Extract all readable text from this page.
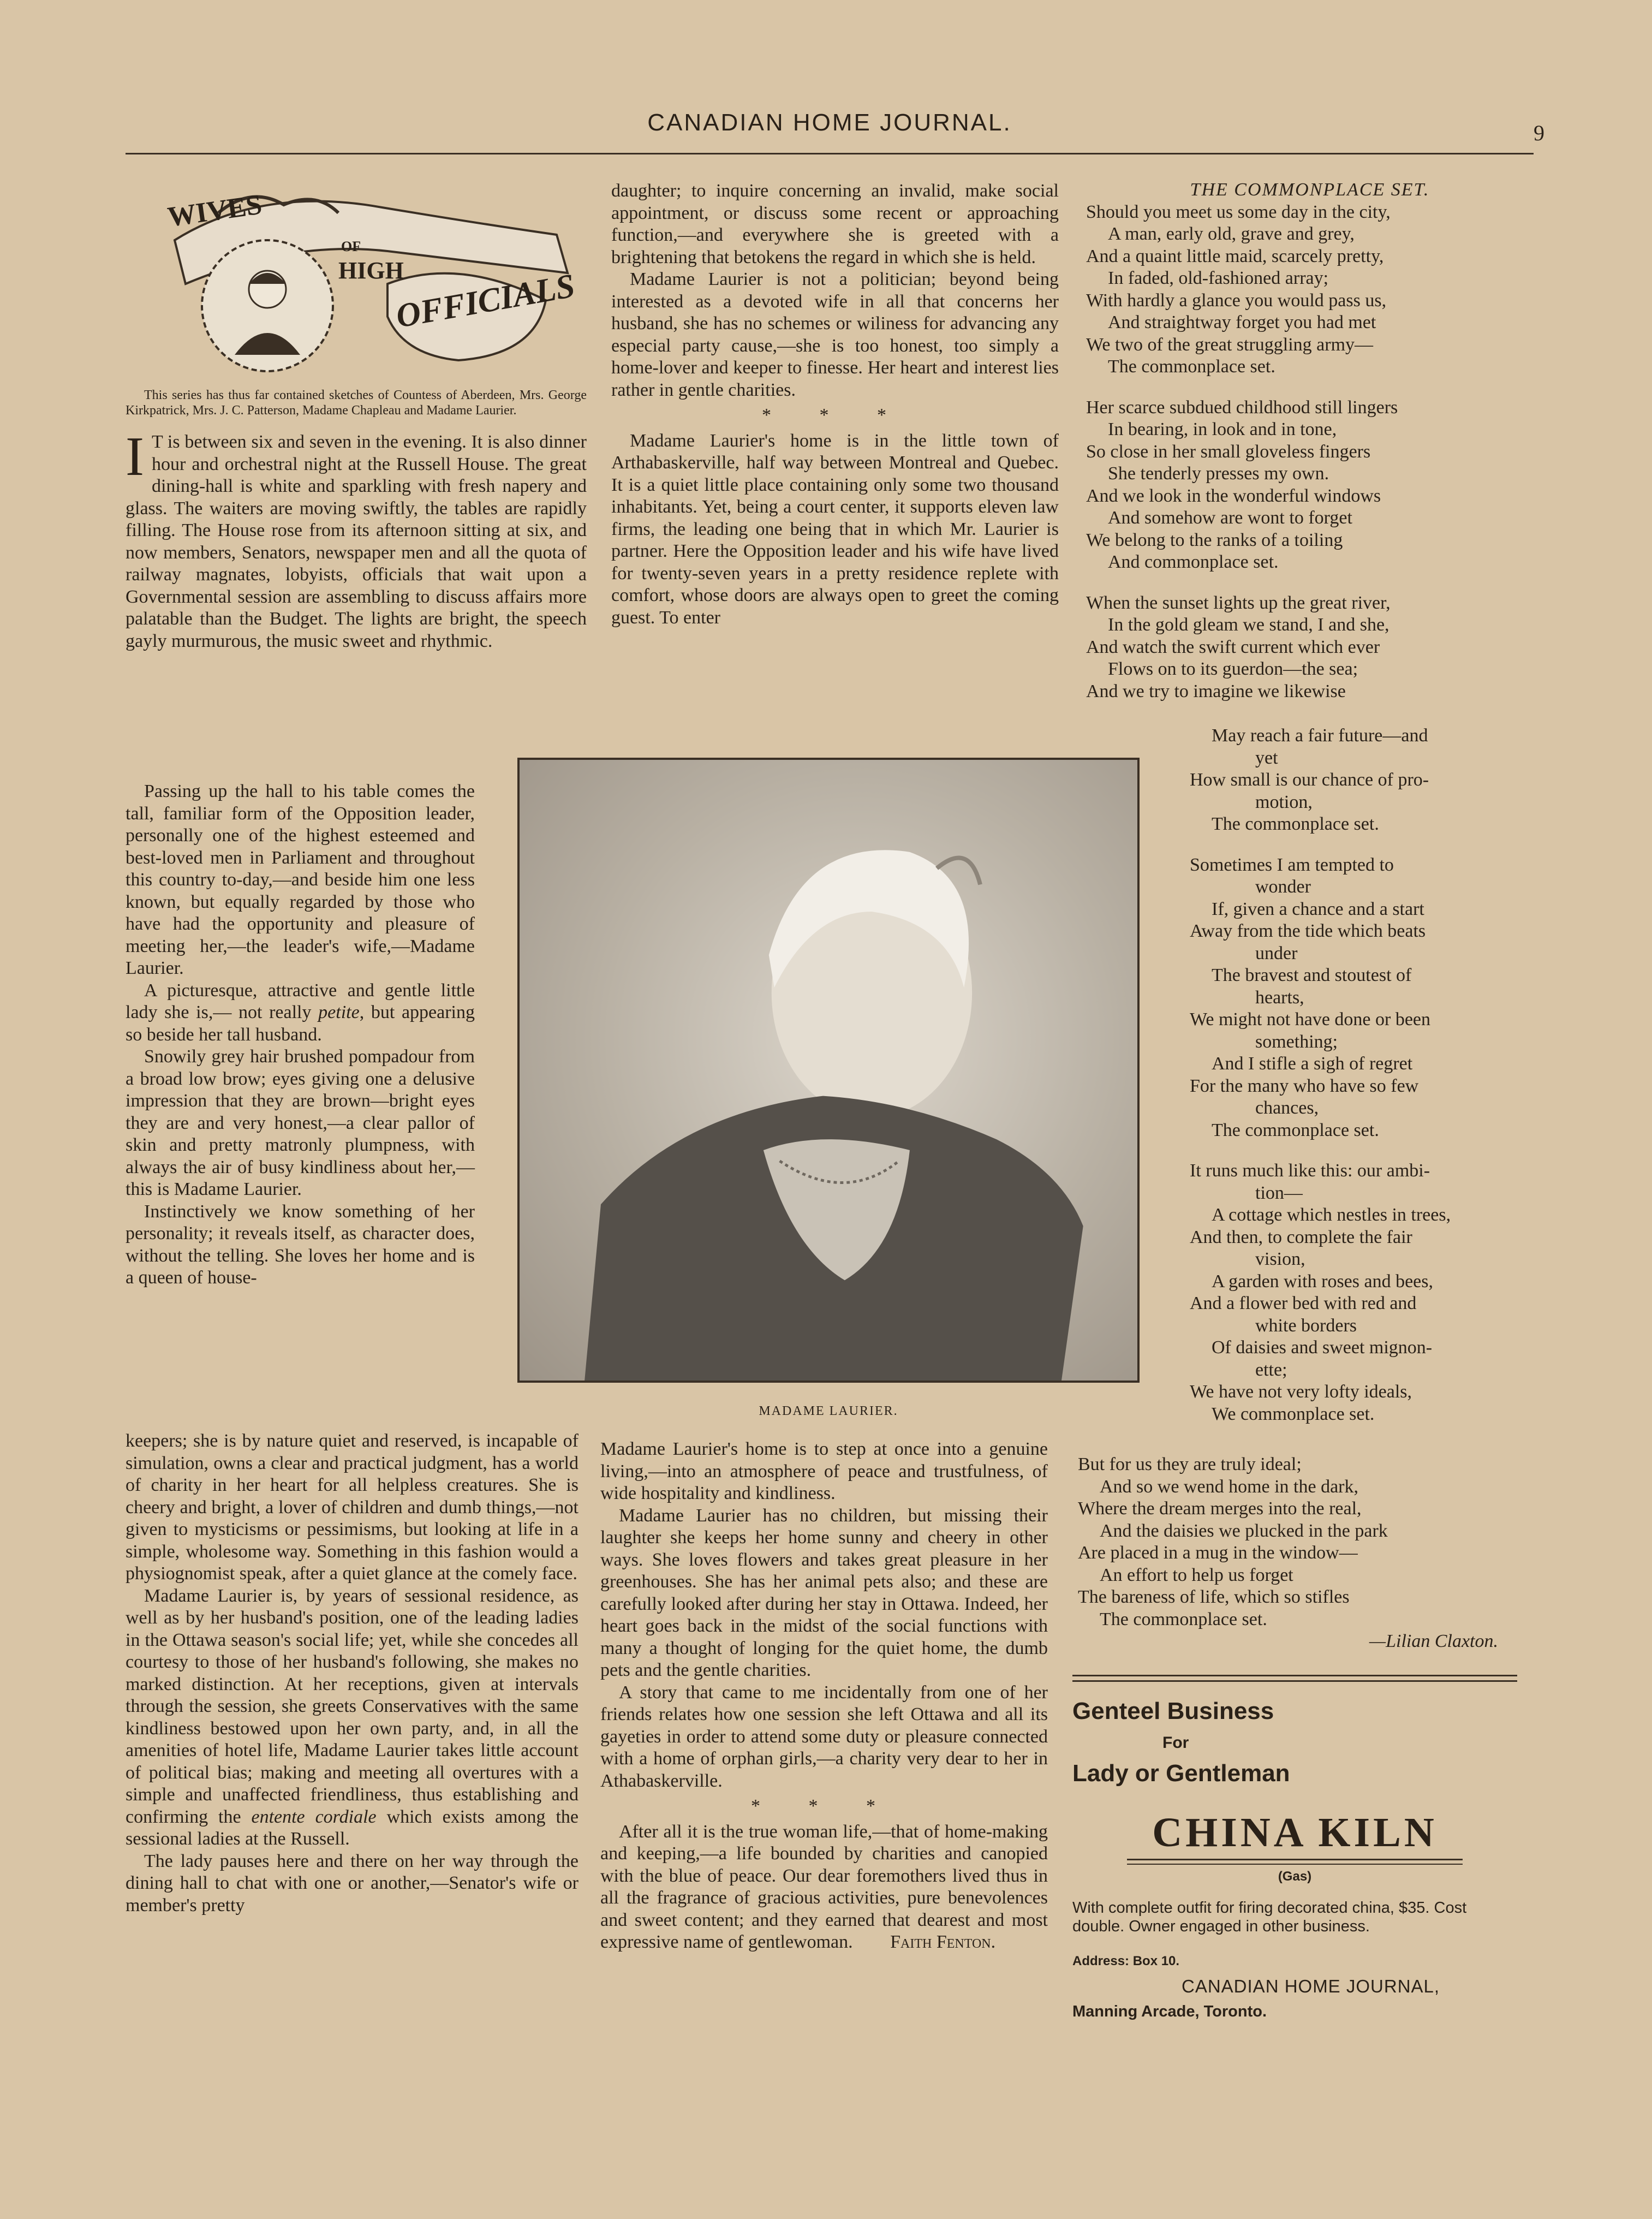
CANADIAN HOME JOURNAL.	9
WIVES
OF
HIGH
OFFICIALS

This series has thus far contained sketches of Countess of Aberdeen, Mrs. George Kirkpatrick, Mrs. J. C. Patterson, Madame Chapleau and Madame Laurier.

I T is between six and seven in the evening. It is also dinner hour and orchestral night at the Russell House. The great dining-hall is white and sparkling with fresh napery and glass. The waiters are moving swiftly, the tables are rapidly filling. The House rose from its afternoon sitting at six, and now members, Senators, newspaper men and all the quota of railway magnates, lobyists, officials that wait upon a Governmental session are assembling to discuss affairs more palatable than the Budget. The lights are bright, the speech gayly murmurous, the music sweet and rhythmic.

Passing up the hall to his table comes the tall, familiar form of the Opposition leader, personally one of the highest esteemed and best-loved men in Parliament and throughout this country to-day,—and beside him one less known, but equally regarded by those who have had the opportunity and pleasure of meeting her,—the leader's wife,—Madame Laurier.

A picturesque, attractive and gentle little lady she is,— not really petite, but appearing so beside her tall husband.

Snowily grey hair brushed pompadour from a broad low brow; eyes giving one a delusive impression that they are brown—bright eyes they are and very honest,—a clear pallor of skin and pretty matronly plumpness, with always the air of busy kindliness about her,—this is Madame Laurier.

Instinctively we know something of her personality; it reveals itself, as character does, without the telling. She loves her home and is a queen of house-

keepers; she is by nature quiet and reserved, is incapable of simulation, owns a clear and practical judgment, has a world of charity in her heart for all helpless creatures. She is cheery and bright, a lover of children and dumb things,—not given to mysticisms or pessimisms, but looking at life in a simple, wholesome way. Something in this fashion would a physiognomist speak, after a quiet glance at the comely face.

Madame Laurier is, by years of sessional residence, as well as by her husband's position, one of the leading ladies in the Ottawa season's social life; yet, while she concedes all courtesy to those of her husband's following, she makes no marked distinction. At her receptions, given at intervals through the session, she greets Conservatives with the same kindliness bestowed upon her own party, and, in all the amenities of hotel life, Madame Laurier takes little account of political bias; making and meeting all overtures with a simple and unaffected friendliness, thus establishing and confirming the entente cordiale which exists among the sessional ladies at the Russell.

The lady pauses here and there on her way through the dining hall to chat with one or another,—Senator's wife or member's pretty

daughter; to inquire concerning an invalid, make social appointment, or discuss some recent or approaching function,—and everywhere she is greeted with a brightening that betokens the regard in which she is held.

Madame Laurier is not a politician; beyond being interested as a devoted wife in all that concerns her husband, she has no schemes or wiliness for advancing any especial party cause,—she is too honest, too simply a home-lover and keeper to finesse. Her heart and interest lies rather in gentle charities.

* * *

Madame Laurier's home is in the little town of Arthabaskerville, half way between Montreal and Quebec. It is a quiet little place containing only some two thousand inhabitants. Yet, being a court center, it supports eleven law firms, the leading one being that in which Mr. Laurier is partner. Here the Opposition leader and his wife have lived for twenty-seven years in a pretty residence replete with comfort, whose doors are always open to greet the coming guest. To enter

MADAME LAURIER.

Madame Laurier's home is to step at once into a genuine living,—into an atmosphere of peace and trustfulness, of wide hospitality and kindliness.

Madame Laurier has no children, but missing their laughter she keeps her home sunny and cheery in other ways. She loves flowers and takes great pleasure in her greenhouses. She has her animal pets also; and these are carefully looked after during her stay in Ottawa. Indeed, her heart goes back in the midst of the social functions with many a thought of longing for the quiet home, the dumb pets and the gentle charities.

A story that came to me incidentally from one of her friends relates how one session she left Ottawa and all its gayeties in order to attend some duty or pleasure connected with a home of orphan girls,—a charity very dear to her in Athabaskerville.

* * *

After all it is the true woman life,—that of home-making and keeping,—a life bounded by charities and canopied with the blue of peace. Our dear foremothers lived thus in all the fragrance of gracious activities, pure benevolences and sweet content; and they earned that dearest and most expressive name of gentlewoman. Faith Fenton.

THE COMMONPLACE SET.
Should you meet us some day in the city,
A man, early old, grave and grey,
And a quaint little maid, scarcely pretty,
In faded, old-fashioned array;
With hardly a glance you would pass us,
And straightway forget you had met
We two of the great struggling army—
The commonplace set.
Her scarce subdued childhood still lingers
In bearing, in look and in tone,
So close in her small gloveless fingers
She tenderly presses my own.
And we look in the wonderful windows
And somehow are wont to forget
We belong to the ranks of a toiling
And commonplace set.
When the sunset lights up the great river,
In the gold gleam we stand, I and she,
And watch the swift current which ever
Flows on to its guerdon—the sea;
And we try to imagine we likewise
May reach a fair future—and
yet
How small is our chance of pro-
motion,
The commonplace set.
Sometimes I am tempted to
wonder
If, given a chance and a start
Away from the tide which beats
under
The bravest and stoutest of
hearts,
We might not have done or been
something;
And I stifle a sigh of regret
For the many who have so few
chances,
The commonplace set.
It runs much like this: our ambi-
tion—
A cottage which nestles in trees,
And then, to complete the fair
vision,
A garden with roses and bees,
And a flower bed with red and
white borders
Of daisies and sweet mignon-
ette;
We have not very lofty ideals,
We commonplace set.
But for us they are truly ideal;
And so we wend home in the dark,
Where the dream merges into the real,
And the daisies we plucked in the park
Are placed in a mug in the window—
An effort to help us forget
The bareness of life, which so stifles
The commonplace set.
—Lilian Claxton.
Genteel Business
For
Lady or Gentleman
CHINA KILN
(Gas)
With complete outfit for firing decorated china, $35. Cost double. Owner engaged in other business.
Address: Box 10.
CANADIAN HOME JOURNAL,
Manning Arcade, Toronto.
